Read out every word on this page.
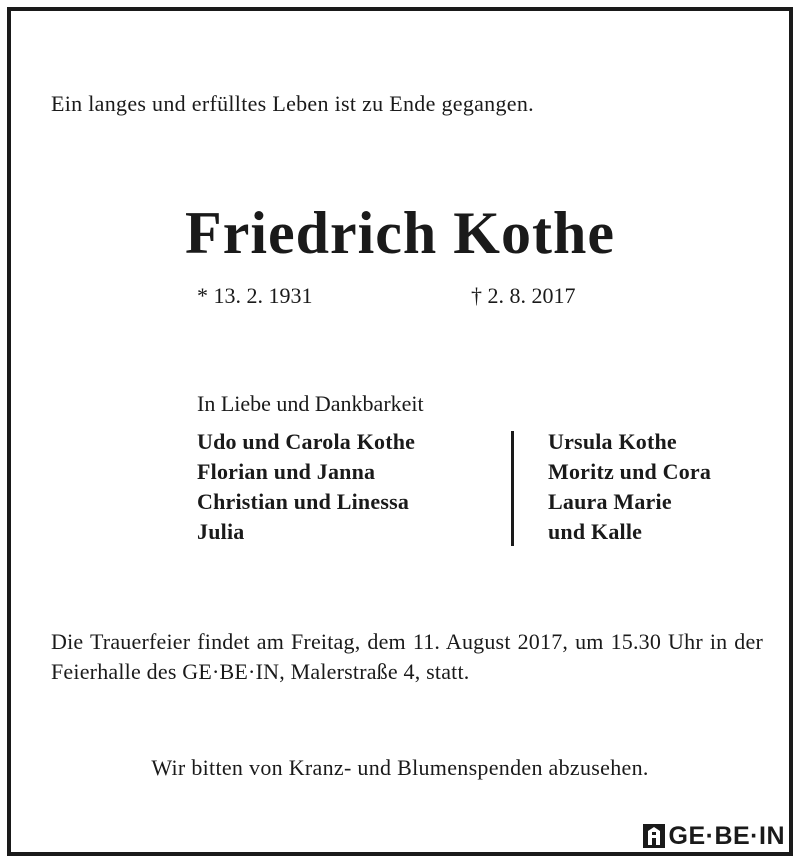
Ein langes und erfülltes Leben ist zu Ende gegangen.
Friedrich Kothe
* 13. 2. 1931	† 2. 8. 2017
In Liebe und Dankbarkeit
Udo und Carola Kothe
Florian und Janna
Christian und Linessa
Julia
Ursula Kothe
Moritz und Cora
Laura Marie
und Kalle
Die Trauerfeier findet am Freitag, dem 11. August 2017, um 15.30 Uhr in der Feierhalle des GE·BE·IN, Malerstraße 4, statt.
Wir bitten von Kranz- und Blumenspenden abzusehen.
GE·BE·IN
